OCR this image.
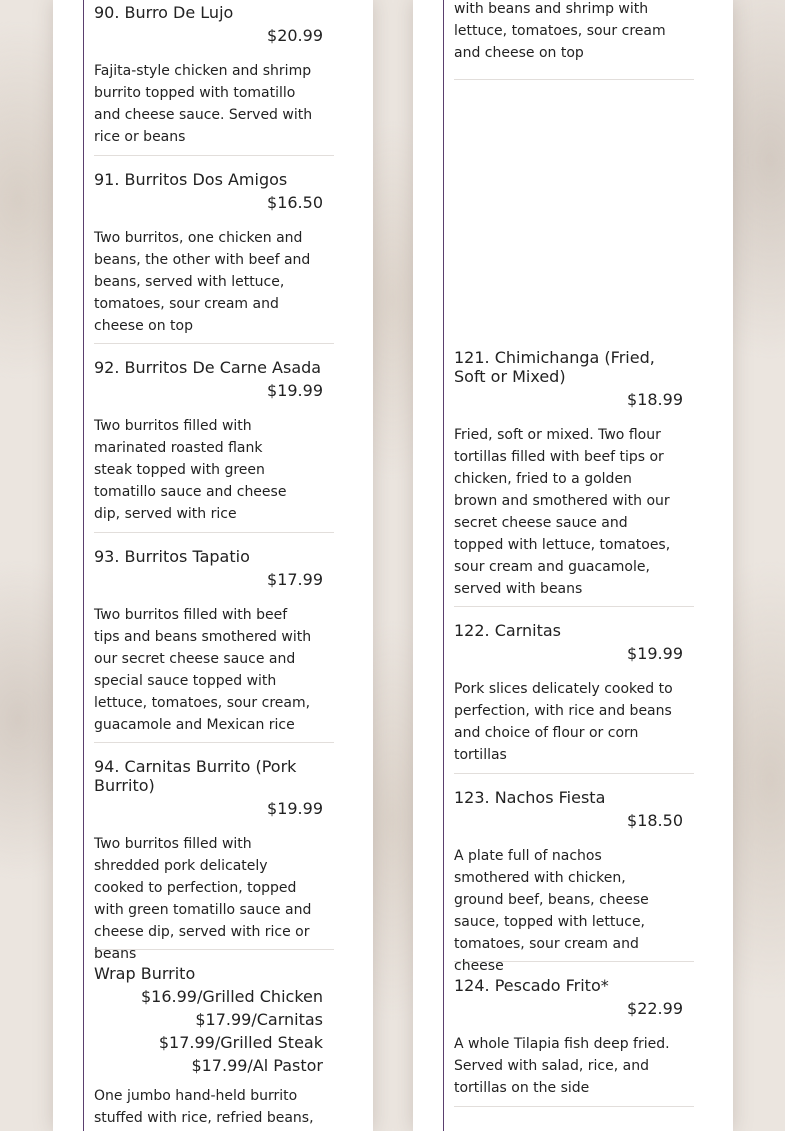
90. Burro De Lujo
$20.99
Fajita-style chicken and shrimp burrito topped with tomatillo and cheese sauce. Served with rice or beans
91. Burritos Dos Amigos
$16.50
Two burritos, one chicken and beans, the other with beef and beans, served with lettuce, tomatoes, sour cream and cheese on top
92. Burritos De Carne Asada
$19.99
Two burritos filled with marinated roasted flank steak topped with green tomatillo sauce and cheese dip, served with rice
93. Burritos Tapatio
$17.99
Two burritos filled with beef tips and beans smothered with our secret cheese sauce and special sauce topped with lettuce, tomatoes, sour cream, guacamole and Mexican rice
94. Carnitas Burrito (Pork Burrito)
$19.99
Two burritos filled with shredded pork delicately cooked to perfection, topped with green tomatillo sauce and cheese dip, served with rice or beans
Wrap Burrito
$16.99/Grilled Chicken
$17.99/Carnitas
$17.99/Grilled Steak
$17.99/Al Pastor
One jumbo hand-held burrito stuffed with rice, refried beans,
with beans and shrimp with lettuce, tomatoes, sour cream and cheese on top
121. Chimichanga (Fried, Soft or Mixed)
$18.99
Fried, soft or mixed. Two flour tortillas filled with beef tips or chicken, fried to a golden brown and smothered with our secret cheese sauce and topped with lettuce, tomatoes, sour cream and guacamole, served with beans
122. Carnitas
$19.99
Pork slices delicately cooked to perfection, with rice and beans and choice of flour or corn tortillas
123. Nachos Fiesta
$18.50
A plate full of nachos smothered with chicken, ground beef, beans, cheese sauce, topped with lettuce, tomatoes, sour cream and cheese
124. Pescado Frito*
$22.99
A whole Tilapia fish deep fried. Served with salad, rice, and tortillas on the side
